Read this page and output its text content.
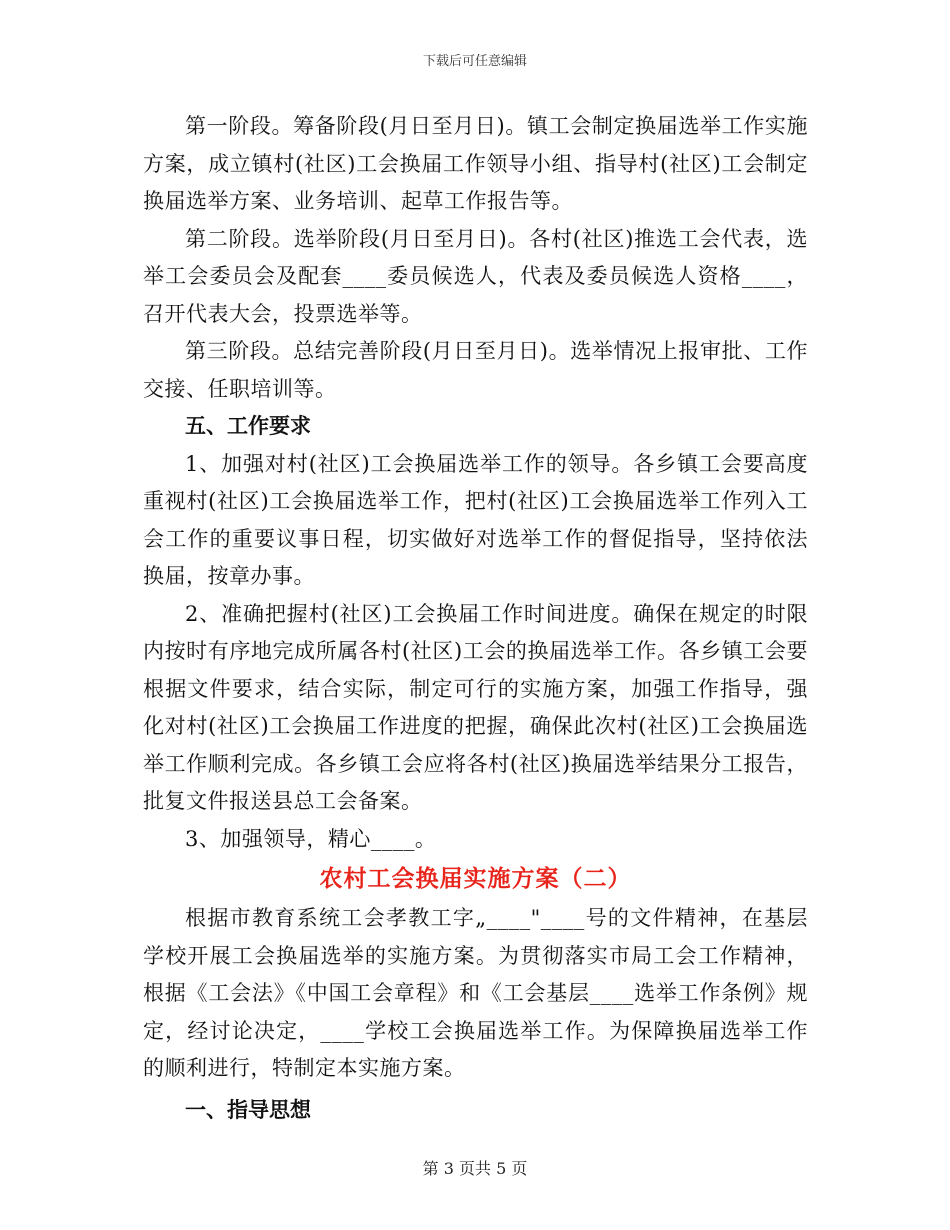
下载后可任意编辑

第一阶段。筹备阶段(月日至月日)。镇工会制定换届选举工作实施方案，成立镇村(社区)工会换届工作领导小组、指导村(社区)工会制定换届选举方案、业务培训、起草工作报告等。

第二阶段。选举阶段(月日至月日)。各村(社区)推选工会代表，选举工会委员会及配套____委员候选人，代表及委员候选人资格____，召开代表大会，投票选举等。

第三阶段。总结完善阶段(月日至月日)。选举情况上报审批、工作交接、任职培训等。

五、工作要求

1、加强对村(社区)工会换届选举工作的领导。各乡镇工会要高度重视村(社区)工会换届选举工作，把村(社区)工会换届选举工作列入工会工作的重要议事日程，切实做好对选举工作的督促指导，坚持依法换届，按章办事。

2、准确把握村(社区)工会换届工作时间进度。确保在规定的时限内按时有序地完成所属各村(社区)工会的换届选举工作。各乡镇工会要根据文件要求，结合实际，制定可行的实施方案，加强工作指导，强化对村(社区)工会换届工作进度的把握，确保此次村(社区)工会换届选举工作顺利完成。各乡镇工会应将各村(社区)换届选举结果分工报告，批复文件报送县总工会备案。

3、加强领导，精心____。

农村工会换届实施方案（二）

根据市教育系统工会孝教工字„____"____号的文件精神，在基层学校开展工会换届选举的实施方案。为贯彻落实市局工会工作精神，根据《工会法》《中国工会章程》和《工会基层____选举工作条例》规定，经讨论决定，____学校工会换届选举工作。为保障换届选举工作的顺利进行，特制定本实施方案。

一、指导思想

第 3 页共 5 页
